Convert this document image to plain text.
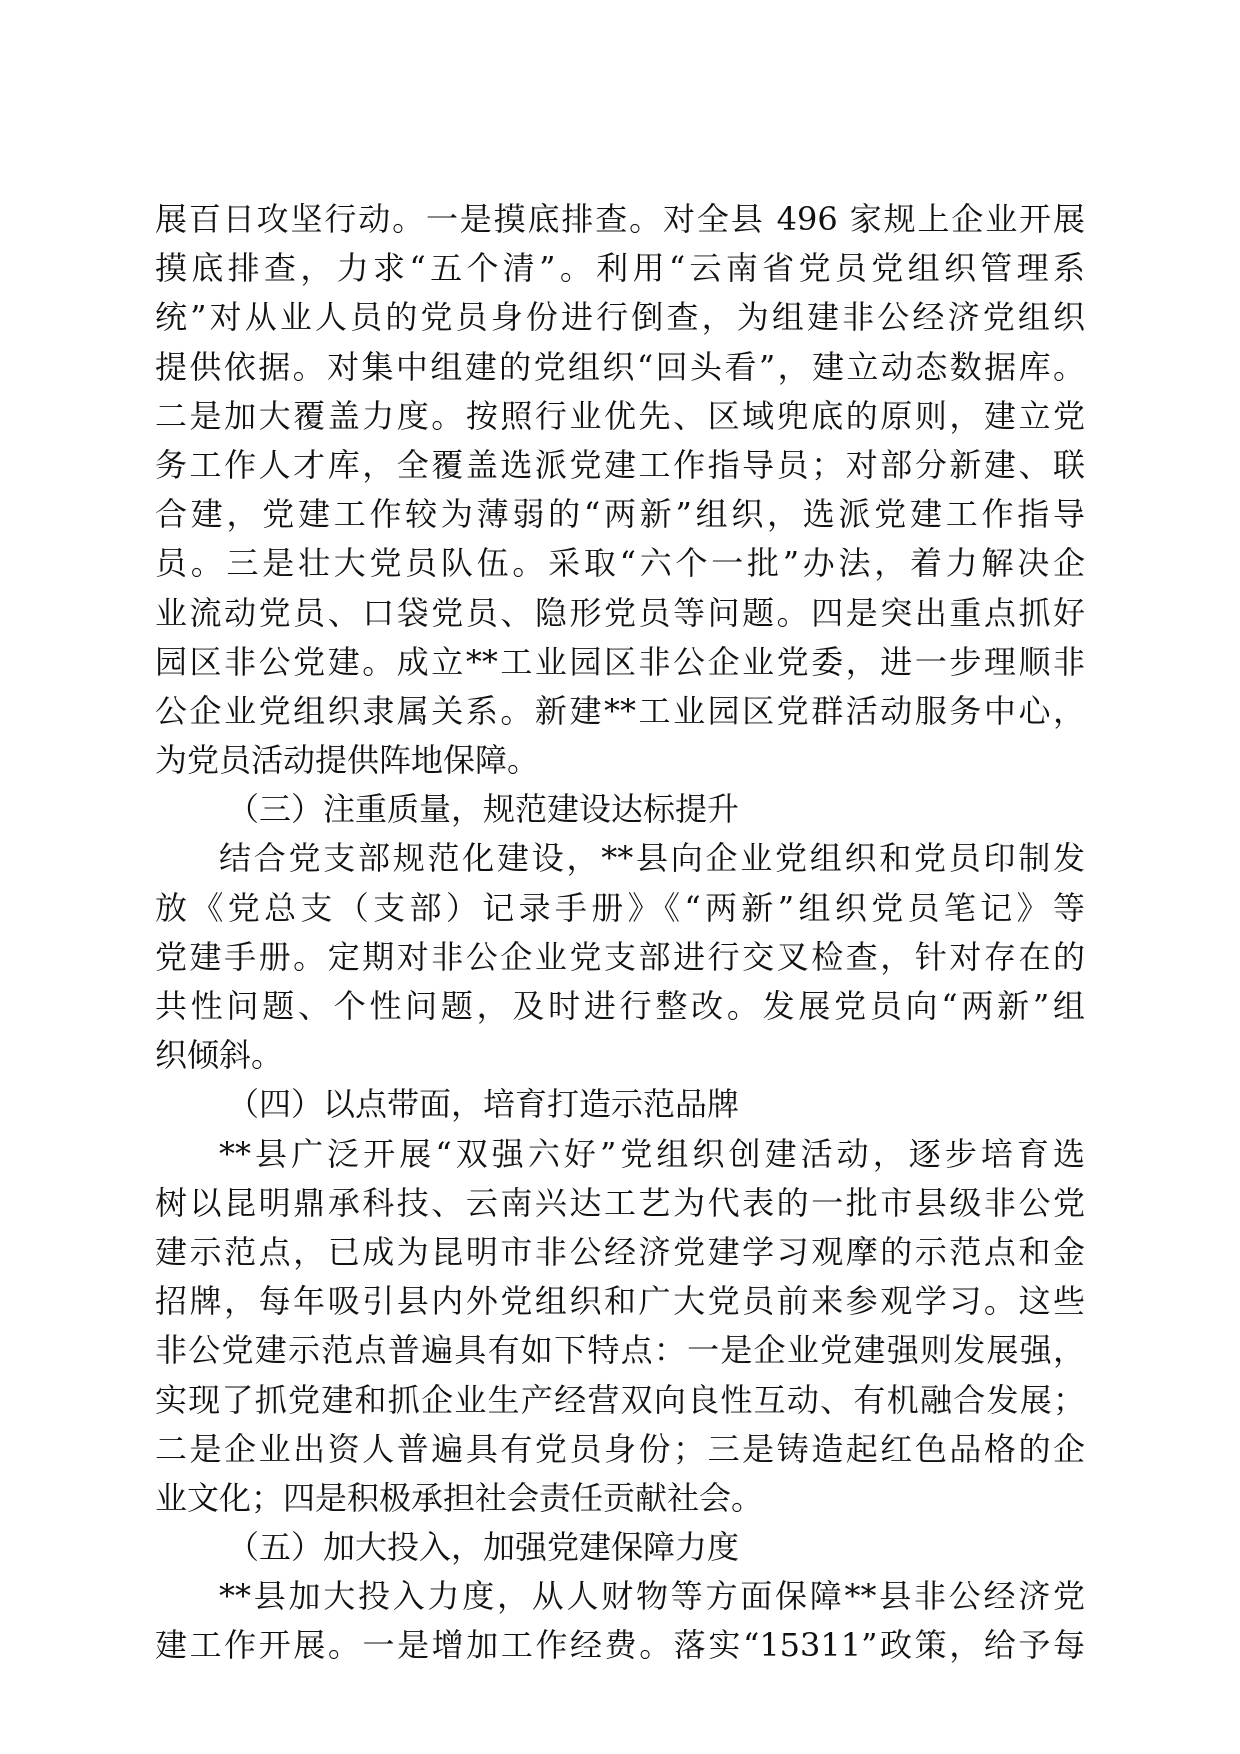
展百日攻坚行动。一是摸底排查。对全县 496 家规上企业开展
摸底排查，力求“五个清”。利用“云南省党员党组织管理系
统”对从业人员的党员身份进行倒查，为组建非公经济党组织
提供依据。对集中组建的党组织“回头看”，建立动态数据库。
二是加大覆盖力度。按照行业优先、区域兜底的原则，建立党
务工作人才库，全覆盖选派党建工作指导员；对部分新建、联
合建，党建工作较为薄弱的“两新”组织，选派党建工作指导
员。三是壮大党员队伍。采取“六个一批”办法，着力解决企
业流动党员、口袋党员、隐形党员等问题。四是突出重点抓好
园区非公党建。成立**工业园区非公企业党委，进一步理顺非
公企业党组织隶属关系。新建**工业园区党群活动服务中心，
为党员活动提供阵地保障。
（三）注重质量，规范建设达标提升
结合党支部规范化建设，**县向企业党组织和党员印制发
放《党总支（支部）记录手册》《“两新”组织党员笔记》等
党建手册。定期对非公企业党支部进行交叉检查，针对存在的
共性问题、个性问题，及时进行整改。发展党员向“两新”组
织倾斜。
（四）以点带面，培育打造示范品牌
**县广泛开展“双强六好”党组织创建活动，逐步培育选
树以昆明鼎承科技、云南兴达工艺为代表的一批市县级非公党
建示范点，已成为昆明市非公经济党建学习观摩的示范点和金
招牌，每年吸引县内外党组织和广大党员前来参观学习。这些
非公党建示范点普遍具有如下特点：一是企业党建强则发展强，
实现了抓党建和抓企业生产经营双向良性互动、有机融合发展；
二是企业出资人普遍具有党员身份；三是铸造起红色品格的企
业文化；四是积极承担社会责任贡献社会。
（五）加大投入，加强党建保障力度
**县加大投入力度，从人财物等方面保障**县非公经济党
建工作开展。一是增加工作经费。落实“15311”政策，给予每
